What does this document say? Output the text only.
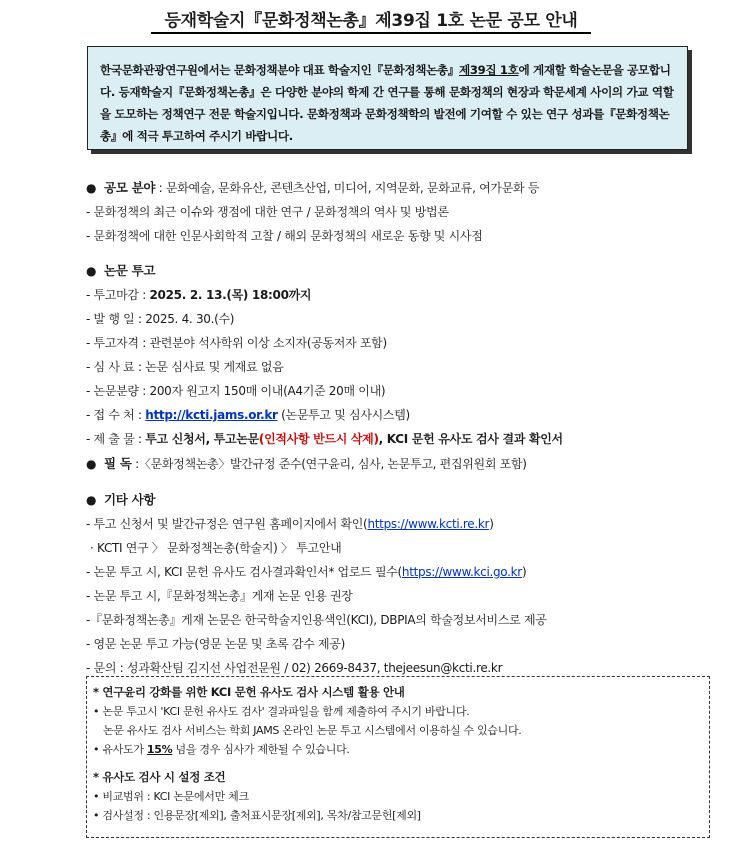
등재학술지『문화정책논총』제39집 1호 논문 공모 안내
한국문화관광연구원에서는 문화정책분야 대표 학술지인『문화정책논총』제39집 1호에 게재할 학술논문을 공모합니다. 등재학술지『문화정책논총』은 다양한 분야의 학제 간 연구를 통해 문화정책의 현장과 학문세계 사이의 가교 역할을 도모하는 정책연구 전문 학술지입니다. 문화정책과 문화정책학의 발전에 기여할 수 있는 연구 성과를『문화정책논총』에 적극 투고하여 주시기 바랍니다.
● 공모 분야 : 문화예술, 문화유산, 콘텐츠산업, 미디어, 지역문화, 문화교류, 여가문화 등
- 문화정책의 최근 이슈와 쟁점에 대한 연구 / 문화정책의 역사 및 방법론
- 문화정책에 대한 인문사회학적 고찰 / 해외 문화정책의 새로운 동향 및 시사점
● 논문 투고
- 투고마감 : 2025. 2. 13.(목) 18:00까지
- 발 행 일 : 2025. 4. 30.(수)
- 투고자격 : 관련분야 석사학위 이상 소지자(공동저자 포함)
- 심 사 료 : 논문 심사료 및 게재료 없음
- 논문분량 : 200자 원고지 150매 이내(A4기준 20매 이내)
- 접 수 처 : http://kcti.jams.or.kr (논문투고 및 심사시스템)
- 제 출 물 : 투고 신청서, 투고논문(인적사항 반드시 삭제), KCI 문헌 유사도 검사 결과 확인서
● 필 독 :〈문화정책논총〉발간규정 준수(연구윤리, 심사, 논문투고, 편집위원회 포함)
● 기타 사항
- 투고 신청서 및 발간규정은 연구원 홈페이지에서 확인(https://www.kcti.re.kr)
· KCTI 연구 〉 문화정책논총(학술지) 〉 투고안내
- 논문 투고 시, KCI 문헌 유사도 검사결과확인서* 업로드 필수(https://www.kci.go.kr)
- 논문 투고 시,『문화정책논총』게재 논문 인용 권장
-『문화정책논총』게재 논문은 한국학술지인용색인(KCI), DBPIA의 학술정보서비스로 제공
- 영문 논문 투고 가능(영문 논문 및 초록 감수 제공)
- 문의 : 성과확산팀 김지선 사업전문원 / 02) 2669-8437, thejeesun@kcti.re.kr
* 연구윤리 강화를 위한 KCI 문헌 유사도 검사 시스템 활용 안내
• 논문 투고시 'KCI 문헌 유사도 검사' 결과파일을 함께 제출하여 주시기 바랍니다.
논문 유사도 검사 서비스는 학회 JAMS 온라인 논문 투고 시스템에서 이용하실 수 있습니다.
• 유사도가 15% 넘을 경우 심사가 제한될 수 있습니다.
* 유사도 검사 시 설정 조건
• 비교범위 : KCI 논문에서만 체크
• 검사설정 : 인용문장[제외], 출처표시문장[제외], 목차/참고문헌[제외]
